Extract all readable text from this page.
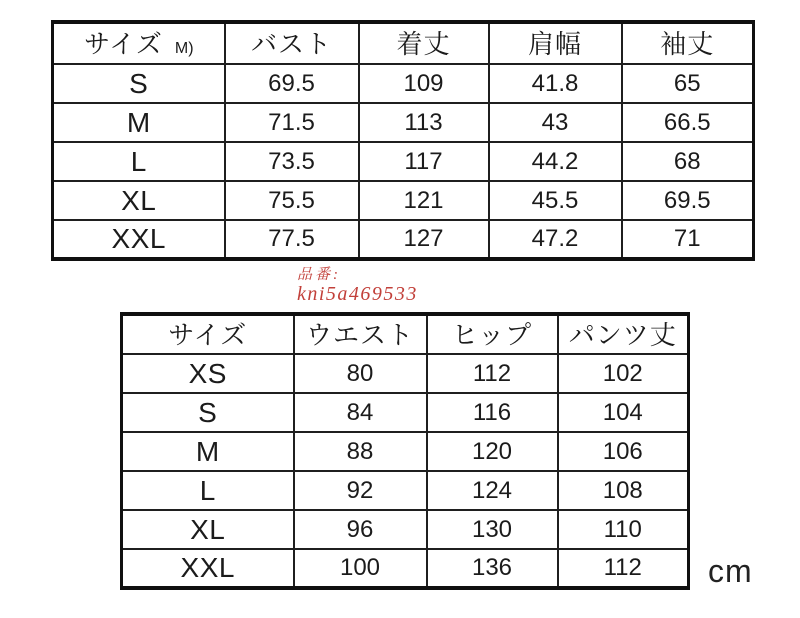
サイズ M)	バスト	着丈	肩幅	袖丈
S	69.5	109	41.8	65
M	71.5	113	43	66.5
L	73.5	117	44.2	68
XL	75.5	121	45.5	69.5
XXL	77.5	127	47.2	71
品番:
kni5a469533
サイズ	ウエスト	ヒップ	パンツ丈
XS	80	112	102
S	84	116	104
M	88	120	106
L	92	124	108
XL	96	130	110
XXL	100	136	112 cm
